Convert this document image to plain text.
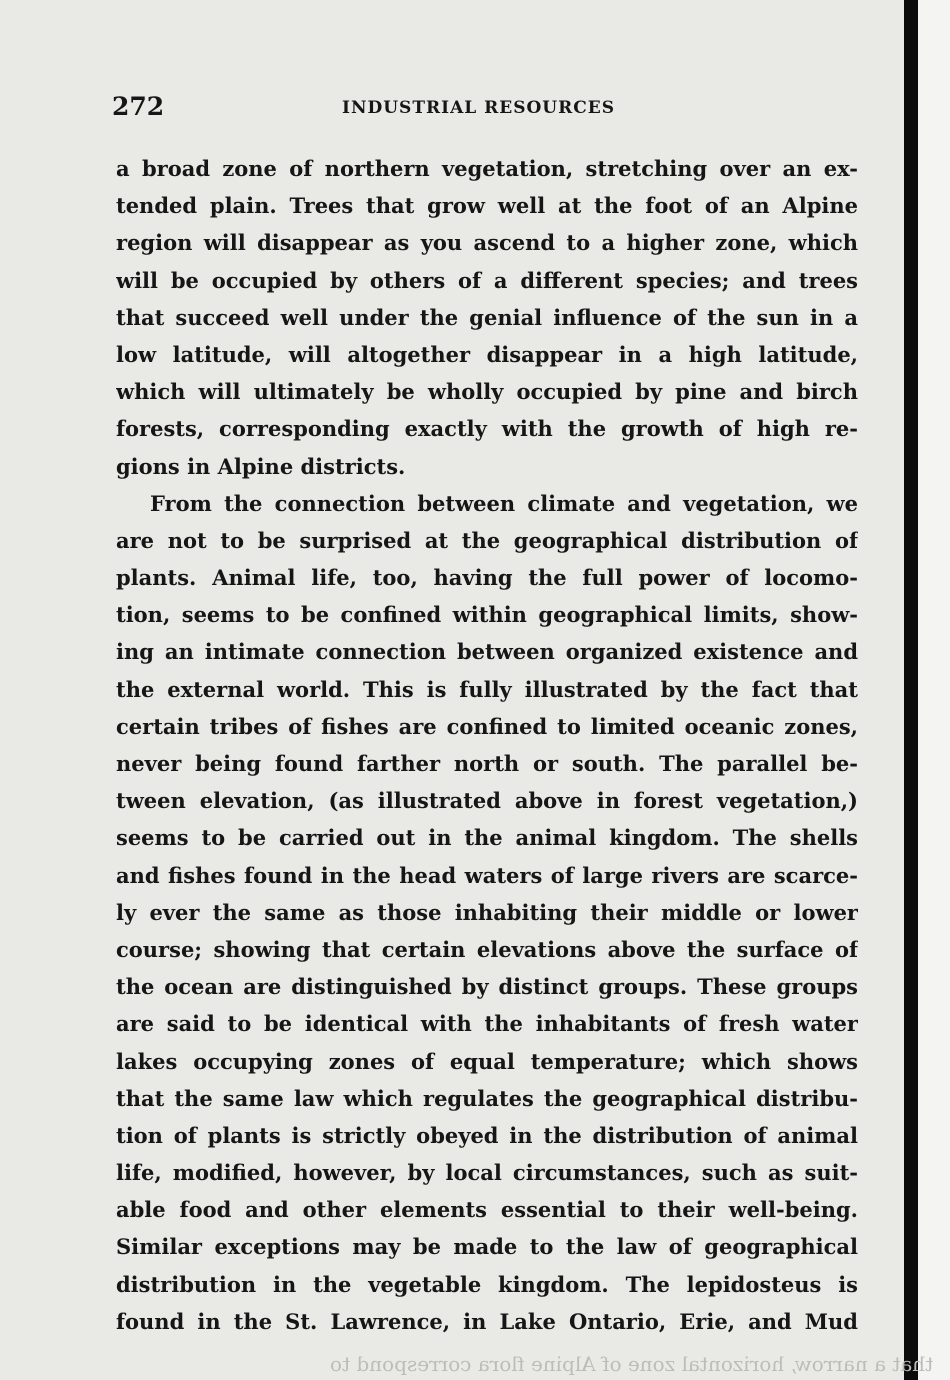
272	INDUSTRIAL RESOURCES
a broad zone of northern vegetation, stretching over an ex-
tended plain. Trees that grow well at the foot of an Alpine
region will disappear as you ascend to a higher zone, which
will be occupied by others of a different species; and trees
that succeed well under the genial influence of the sun in a
low latitude, will altogether disappear in a high latitude,
which will ultimately be wholly occupied by pine and birch
forests, corresponding exactly with the growth of high re-
gions in Alpine districts.
From the connection between climate and vegetation, we
are not to be surprised at the geographical distribution of
plants. Animal life, too, having the full power of locomo-
tion, seems to be confined within geographical limits, show-
ing an intimate connection between organized existence and
the external world. This is fully illustrated by the fact that
certain tribes of fishes are confined to limited oceanic zones,
never being found farther north or south. The parallel be-
tween elevation, (as illustrated above in forest vegetation,)
seems to be carried out in the animal kingdom. The shells
and fishes found in the head waters of large rivers are scarce-
ly ever the same as those inhabiting their middle or lower
course; showing that certain elevations above the surface of
the ocean are distinguished by distinct groups. These groups
are said to be identical with the inhabitants of fresh water
lakes occupying zones of equal temperature; which shows
that the same law which regulates the geographical distribu-
tion of plants is strictly obeyed in the distribution of animal
life, modified, however, by local circumstances, such as suit-
able food and other elements essential to their well-being.
Similar exceptions may be made to the law of geographical
distribution in the vegetable kingdom. The lepidosteus is
found in the St. Lawrence, in Lake Ontario, Erie, and Mud
that a narrow, horizontal zone of Alpine flora correspond to
